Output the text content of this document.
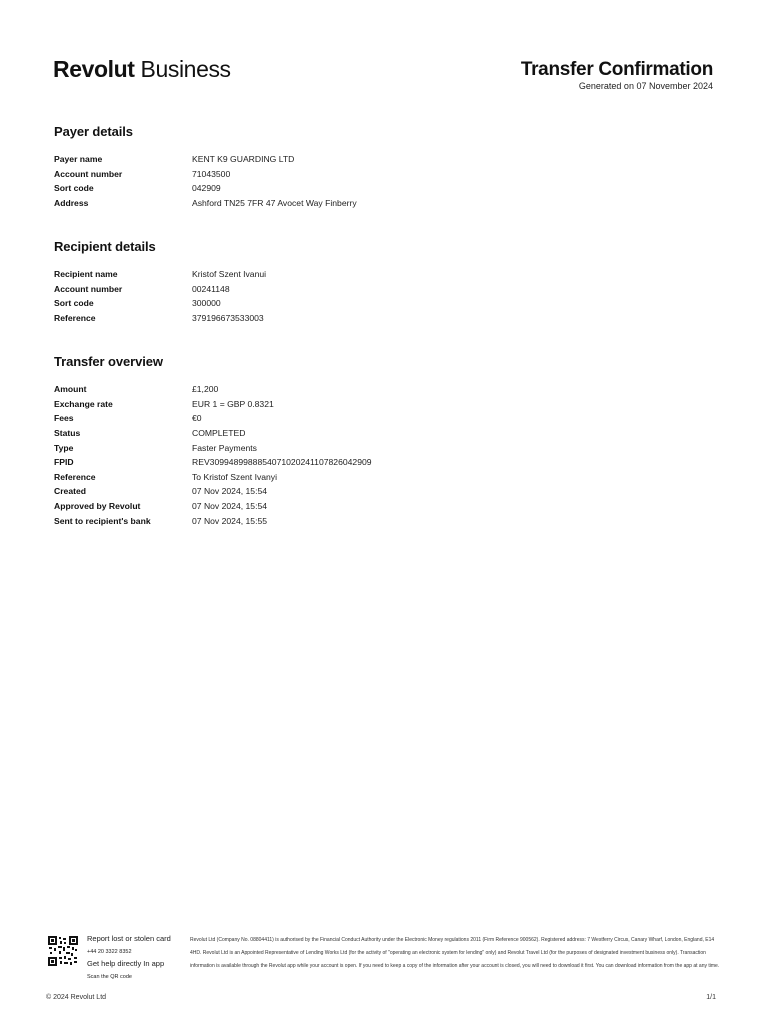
Revolut Business	Transfer Confirmation
Generated on 07 November 2024
Payer details
Payer name	KENT K9 GUARDING LTD
Account number	71043500
Sort code	042909
Address	Ashford TN25 7FR 47 Avocet Way Finberry
Recipient details
Recipient name	Kristof Szent Ivanui
Account number	00241148
Sort code	300000
Reference	379196673533003
Transfer overview
Amount	£1,200
Exchange rate	EUR 1 = GBP 0.8321
Fees	€0
Status	COMPLETED
Type	Faster Payments
FPID	REV3099489988854071020241107826042909
Reference	To Kristof Szent Ivanyi
Created	07 Nov 2024, 15:54
Approved by Revolut	07 Nov 2024, 15:54
Sent to recipient's bank	07 Nov 2024, 15:55
Report lost or stolen card
+44 20 3322 8352
Get help directly In app
Scan the QR code
Revolut Ltd (Company No. 08804411) is authorised by the Financial Conduct Authority under the Electronic Money regulations 2011 (Firm Reference 900562). Registered address: 7 Westferry Circus, Canary Wharf, London, England, E14 4HD. Revolut Ltd is an Appointed Representative of Lending Works Ltd (for the activity of "operating an electronic system for lending" only) and Revolut Travel Ltd (for the purposes of designated investment business only). Transaction information is available through the Revolut app while your account is open. If you need to keep a copy of the information after your account is closed, you will need to download it first. You can download information from the app at any time.
© 2024 Revolut Ltd	1/1
